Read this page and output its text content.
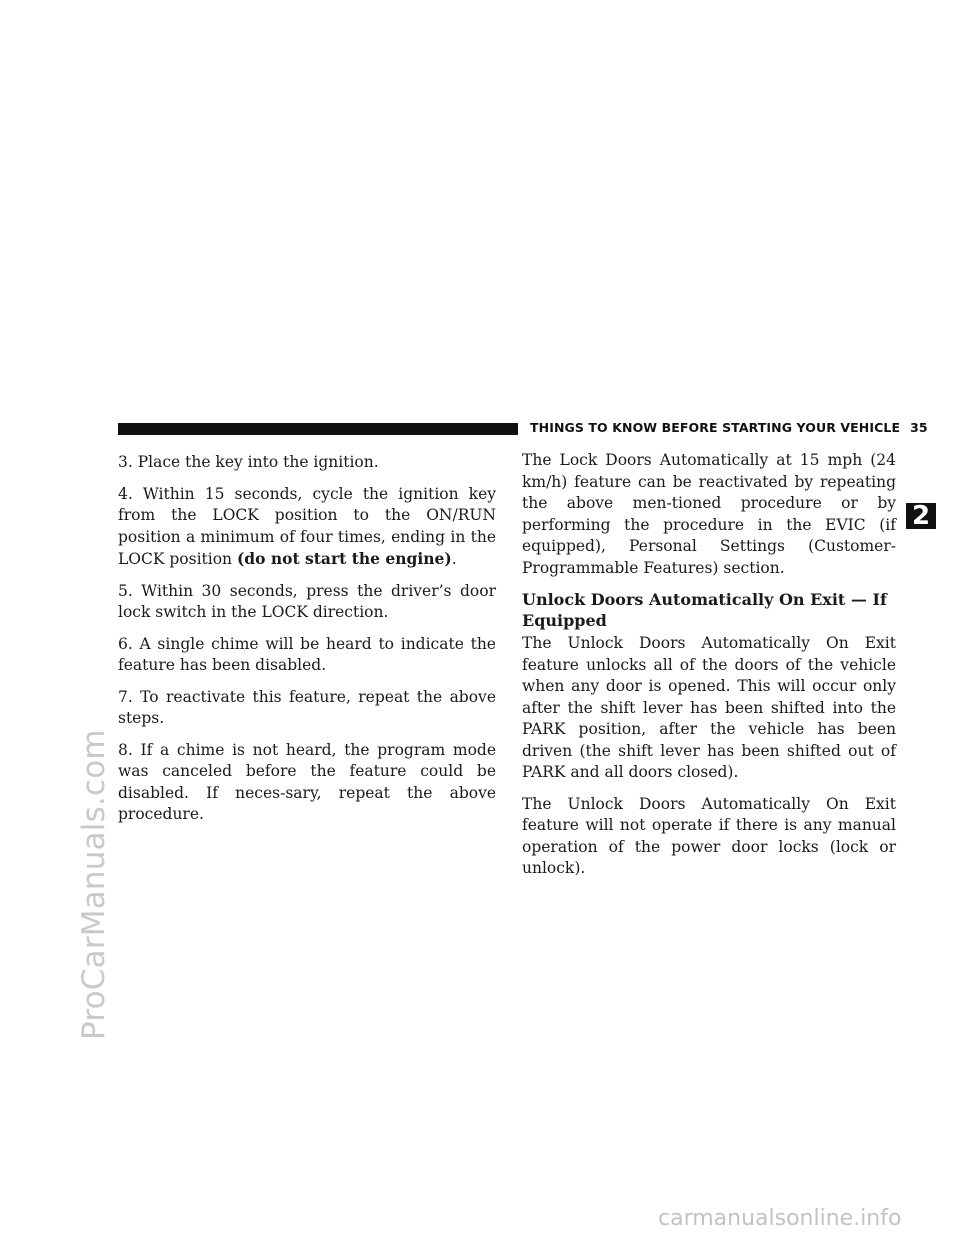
ProCarManuals.com
THINGS TO KNOW BEFORE STARTING YOUR VEHICLE 35
2

3. Place the key into the ignition.

4. Within 15 seconds, cycle the ignition key from the LOCK position to the ON/RUN position a minimum of four times, ending in the LOCK position (do not start the engine).

5. Within 30 seconds, press the driver’s door lock switch in the LOCK direction.

6. A single chime will be heard to indicate the feature has been disabled.

7. To reactivate this feature, repeat the above steps.

8. If a chime is not heard, the program mode was canceled before the feature could be disabled. If neces-sary, repeat the above procedure.

The Lock Doors Automatically at 15 mph (24 km/h) feature can be reactivated by repeating the above men-tioned procedure or by performing the procedure in the EVIC (if equipped), Personal Settings (Customer-Programmable Features) section.

Unlock Doors Automatically On Exit — If Equipped

The Unlock Doors Automatically On Exit feature unlocks all of the doors of the vehicle when any door is opened. This will occur only after the shift lever has been shifted into the PARK position, after the vehicle has been driven (the shift lever has been shifted out of PARK and all doors closed).

The Unlock Doors Automatically On Exit feature will not operate if there is any manual operation of the power door locks (lock or unlock).

carmanualsonline.info
